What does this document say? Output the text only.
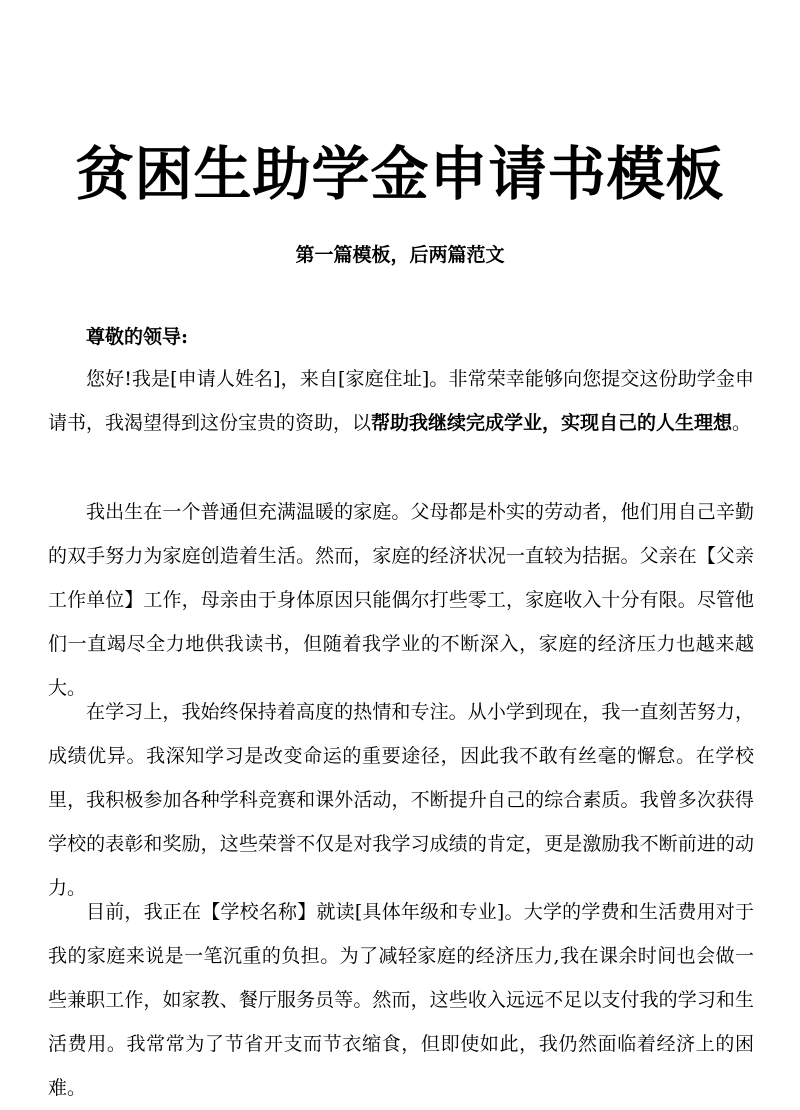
贫困生助学金申请书模板
第一篇模板，后两篇范文

尊敬的领导:

您好!我是[申请人姓名]，来自[家庭住址]。非常荣幸能够向您提交这份助学金申请书，我渴望得到这份宝贵的资助，以帮助我继续完成学业，实现自己的人生理想。

我出生在一个普通但充满温暖的家庭。父母都是朴实的劳动者，他们用自己辛勤的双手努力为家庭创造着生活。然而，家庭的经济状况一直较为拮据。父亲在【父亲工作单位】工作，母亲由于身体原因只能偶尔打些零工，家庭收入十分有限。尽管他们一直竭尽全力地供我读书，但随着我学业的不断深入，家庭的经济压力也越来越大。

在学习上，我始终保持着高度的热情和专注。从小学到现在，我一直刻苦努力，成绩优异。我深知学习是改变命运的重要途径，因此我不敢有丝毫的懈怠。在学校里，我积极参加各种学科竞赛和课外活动，不断提升自己的综合素质。我曾多次获得学校的表彰和奖励，这些荣誉不仅是对我学习成绩的肯定，更是激励我不断前进的动力。

目前，我正在【学校名称】就读[具体年级和专业]。大学的学费和生活费用对于我的家庭来说是一笔沉重的负担。为了减轻家庭的经济压力,我在课余时间也会做一些兼职工作，如家教、餐厅服务员等。然而，这些收入远远不足以支付我的学习和生活费用。我常常为了节省开支而节衣缩食，但即使如此，我仍然面临着经济上的困难。
